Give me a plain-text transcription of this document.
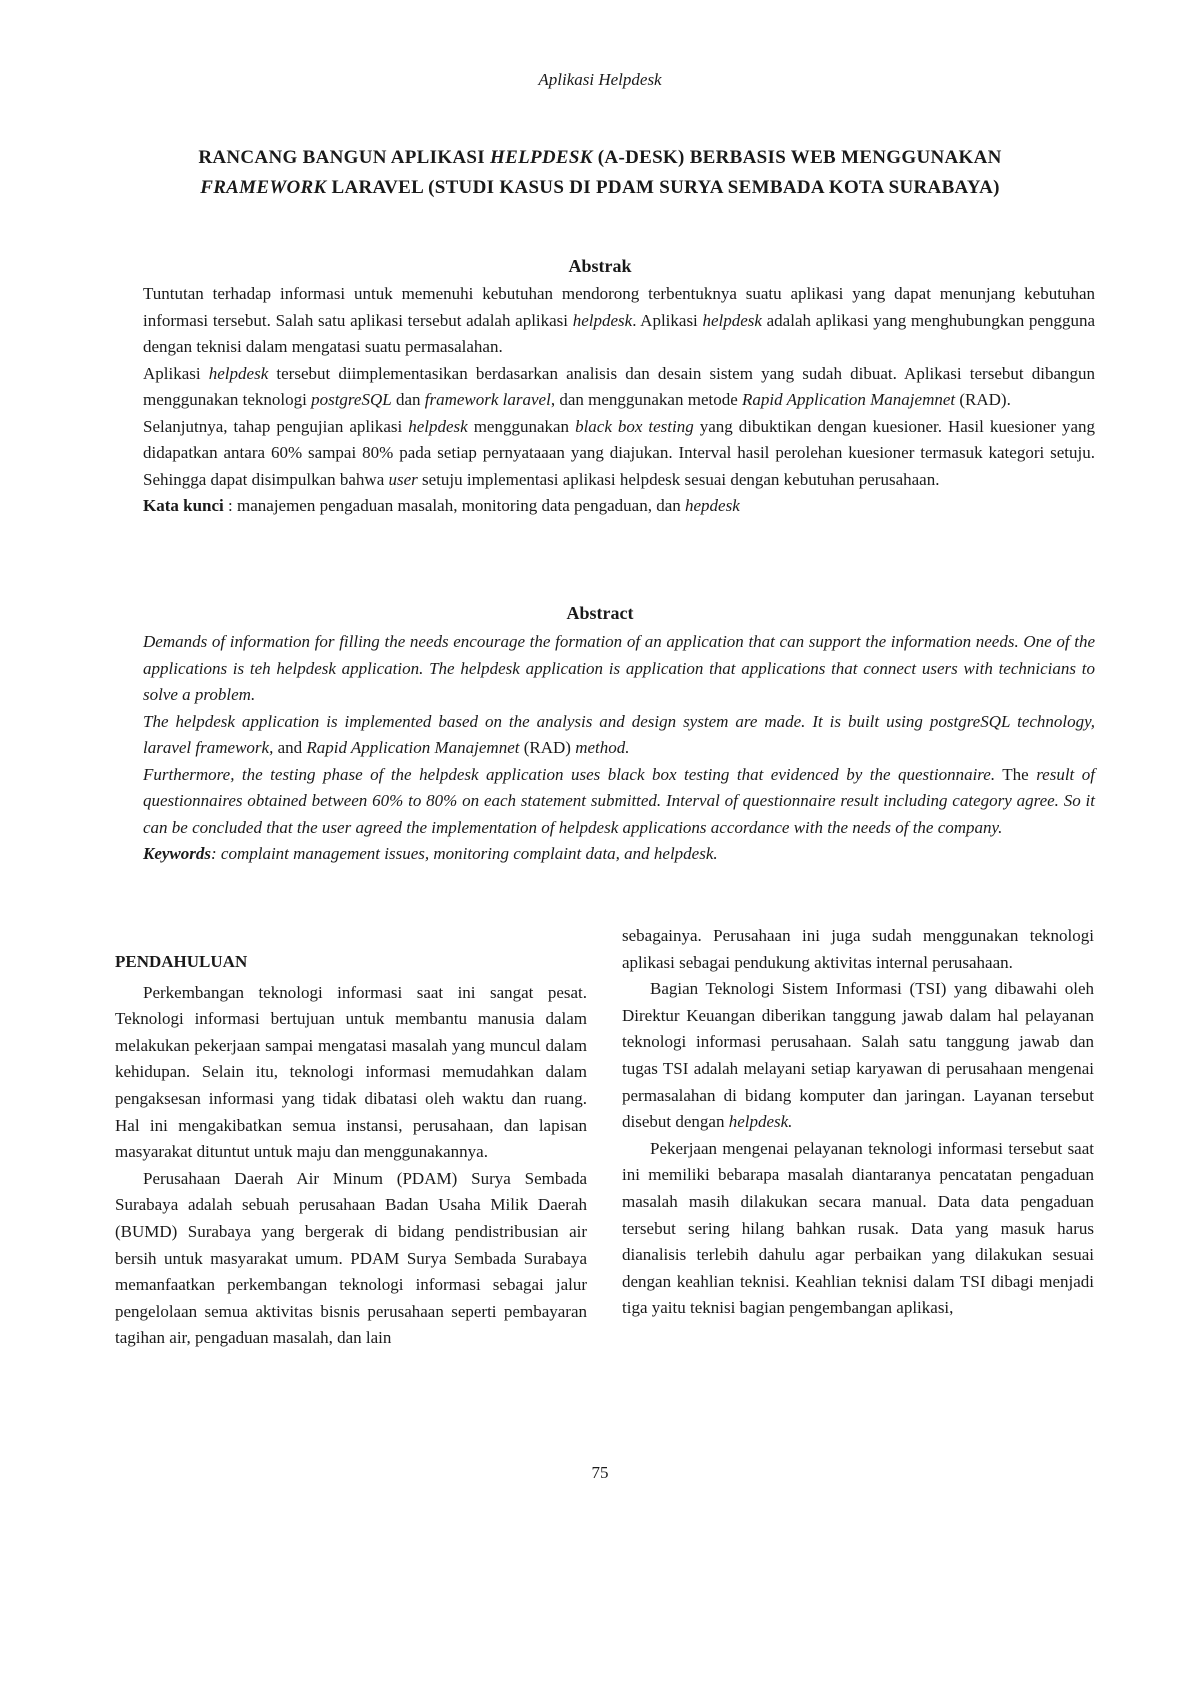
Aplikasi Helpdesk
RANCANG BANGUN APLIKASI HELPDESK (A-DESK) BERBASIS WEB MENGGUNAKAN
FRAMEWORK LARAVEL (STUDI KASUS DI PDAM SURYA SEMBADA KOTA SURABAYA)
Abstrak

Tuntutan terhadap informasi untuk memenuhi kebutuhan mendorong terbentuknya suatu aplikasi yang dapat menunjang kebutuhan informasi tersebut. Salah satu aplikasi tersebut adalah aplikasi helpdesk. Aplikasi helpdesk adalah aplikasi yang menghubungkan pengguna dengan teknisi dalam mengatasi suatu permasalahan.

Aplikasi helpdesk tersebut diimplementasikan berdasarkan analisis dan desain sistem yang sudah dibuat. Aplikasi tersebut dibangun menggunakan teknologi postgreSQL dan framework laravel, dan menggunakan metode Rapid Application Manajemnet (RAD).

Selanjutnya, tahap pengujian aplikasi helpdesk menggunakan black box testing yang dibuktikan dengan kuesioner. Hasil kuesioner yang didapatkan antara 60% sampai 80% pada setiap pernyataaan yang diajukan. Interval hasil perolehan kuesioner termasuk kategori setuju. Sehingga dapat disimpulkan bahwa user setuju implementasi aplikasi helpdesk sesuai dengan kebutuhan perusahaan.

Kata kunci : manajemen pengaduan masalah, monitoring data pengaduan, dan hepdesk

Abstract

Demands of information for filling the needs encourage the formation of an application that can support the information needs. One of the applications is teh helpdesk application. The helpdesk application is application that applications that connect users with technicians to solve a problem.

The helpdesk application is implemented based on the analysis and design system are made. It is built using postgreSQL technology, laravel framework, and Rapid Application Manajemnet (RAD) method.

Furthermore, the testing phase of the helpdesk application uses black box testing that evidenced by the questionnaire. The result of questionnaires obtained between 60% to 80% on each statement submitted. Interval of questionnaire result including category agree. So it can be concluded that the user agreed the implementation of helpdesk applications accordance with the needs of the company.

Keywords: complaint management issues, monitoring complaint data, and helpdesk.

PENDAHULUAN

Perkembangan teknologi informasi saat ini sangat pesat. Teknologi informasi bertujuan untuk membantu manusia dalam melakukan pekerjaan sampai mengatasi masalah yang muncul dalam kehidupan. Selain itu, teknologi informasi memudahkan dalam pengaksesan informasi yang tidak dibatasi oleh waktu dan ruang. Hal ini mengakibatkan semua instansi, perusahaan, dan lapisan masyarakat dituntut untuk maju dan menggunakannya.

Perusahaan Daerah Air Minum (PDAM) Surya Sembada Surabaya adalah sebuah perusahaan Badan Usaha Milik Daerah (BUMD) Surabaya yang bergerak di bidang pendistribusian air bersih untuk masyarakat umum. PDAM Surya Sembada Surabaya memanfaatkan perkembangan teknologi informasi sebagai jalur pengelolaan semua aktivitas bisnis perusahaan seperti pembayaran tagihan air, pengaduan masalah, dan lain

sebagainya. Perusahaan ini juga sudah menggunakan teknologi aplikasi sebagai pendukung aktivitas internal perusahaan.

Bagian Teknologi Sistem Informasi (TSI) yang dibawahi oleh Direktur Keuangan diberikan tanggung jawab dalam hal pelayanan teknologi informasi perusahaan. Salah satu tanggung jawab dan tugas TSI adalah melayani setiap karyawan di perusahaan mengenai permasalahan di bidang komputer dan jaringan. Layanan tersebut disebut dengan helpdesk.

Pekerjaan mengenai pelayanan teknologi informasi tersebut saat ini memiliki bebarapa masalah diantaranya pencatatan pengaduan masalah masih dilakukan secara manual. Data data pengaduan tersebut sering hilang bahkan rusak. Data yang masuk harus dianalisis terlebih dahulu agar perbaikan yang dilakukan sesuai dengan keahlian teknisi. Keahlian teknisi dalam TSI dibagi menjadi tiga yaitu teknisi bagian pengembangan aplikasi,

75
